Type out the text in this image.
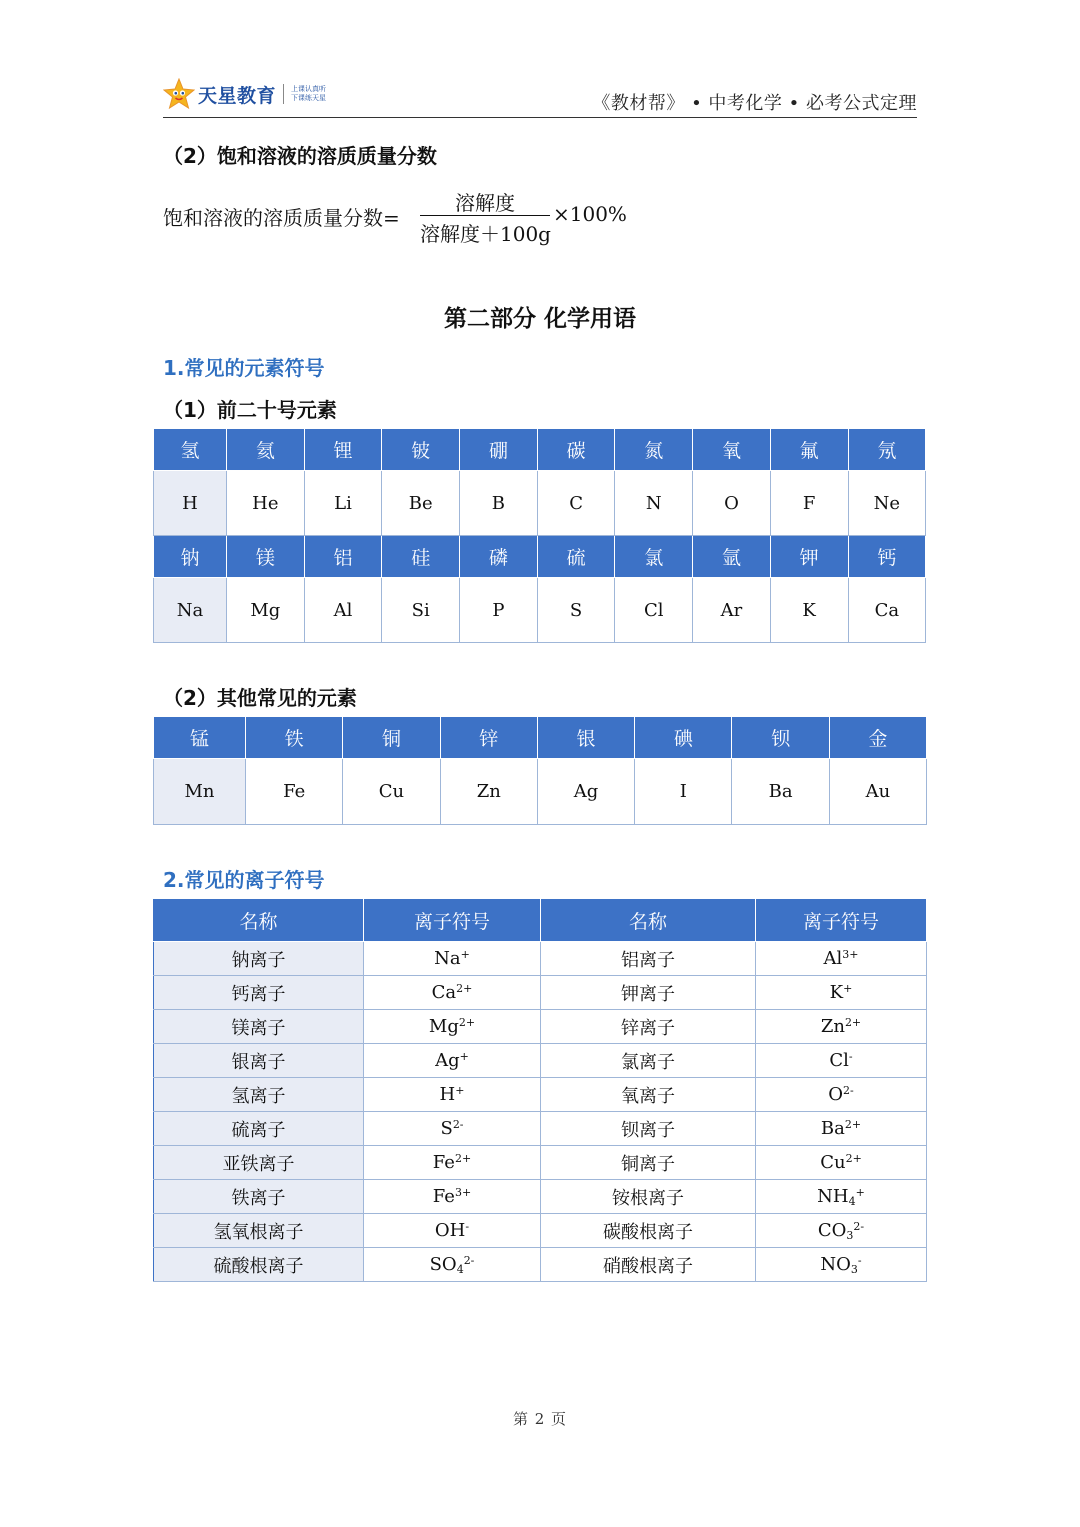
天星教育 上课认真听
下课练天星	《教材帮》 • 中考化学 • 必考公式定理
（2）饱和溶液的溶质质量分数
饱和溶液的溶质质量分数=
溶解度
溶解度＋100g
×100%
第二部分 化学用语
1.常见的元素符号
（1）前二十号元素
氢	氦	锂	铍	硼	碳	氮	氧	氟	氖
H	He	Li	Be	B	C	N	O	F	Ne
钠	镁	铝	硅	磷	硫	氯	氩	钾	钙
Na	Mg	Al	Si	P	S	Cl	Ar	K	Ca
（2）其他常见的元素
锰	铁	铜	锌	银	碘	钡	金
Mn	Fe	Cu	Zn	Ag	I	Ba	Au
2.常见的离子符号
名称	离子符号	名称	离子符号
钠离子	Na+	铝离子	$Al^{3+}$
钙离子	$Ca^{2+}$	钾离子	K+
镁离子	$Mg^{2+}$	锌离子	$Zn^{2+}$
银离子	Ag+	氯离子	Cl-
氢离子	H+	氧离子	$O^{2-}$
硫离子	$S^{2-}$	钡离子	$Ba^{2+}$
亚铁离子	$Fe^{2+}$	铜离子	$Cu^{2+}$
铁离子	$Fe^{3+}$	铵根离子	$NH_4^+$
氢氧根离子	OH-	碳酸根离子	$CO_3^{2-}$
硫酸根离子	$SO_4^{2-}$	硝酸根离子	$NO_3^-$
第 2 页
